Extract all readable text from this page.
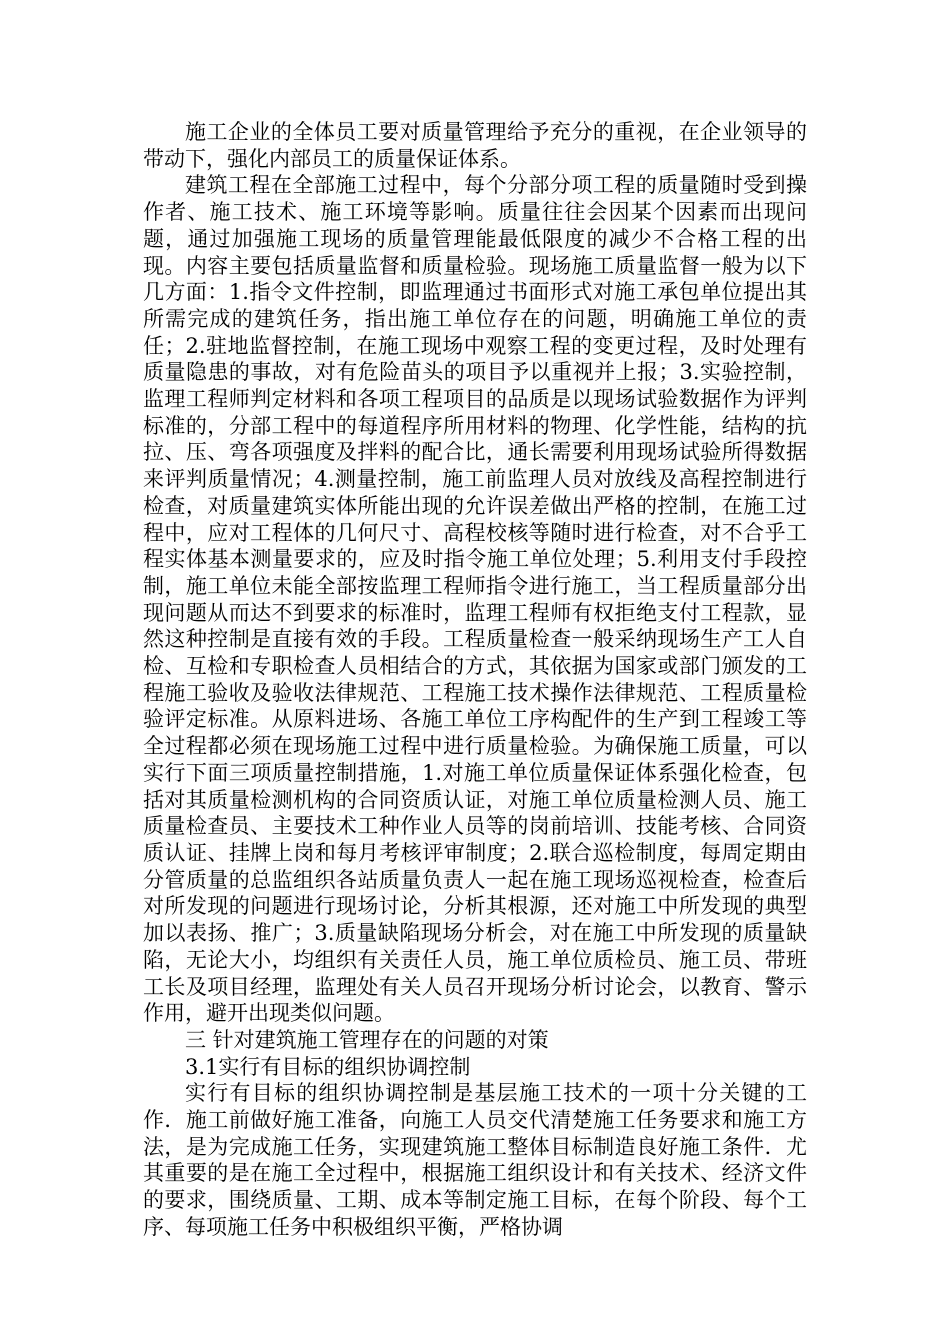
施工企业的全体员工要对质量管理给予充分的重视，在企业领导的带动下，强化内部员工的质量保证体系。

建筑工程在全部施工过程中，每个分部分项工程的质量随时受到操作者、施工技术、施工环境等影响。质量往往会因某个因素而出现问题，通过加强施工现场的质量管理能最低限度的减少不合格工程的出现。内容主要包括质量监督和质量检验。现场施工质量监督一般为以下几方面：1.指令文件控制，即监理通过书面形式对施工承包单位提出其所需完成的建筑任务，指出施工单位存在的问题，明确施工单位的责任；2.驻地监督控制，在施工现场中观察工程的变更过程，及时处理有质量隐患的事故，对有危险苗头的项目予以重视并上报；3.实验控制，监理工程师判定材料和各项工程项目的品质是以现场试验数据作为评判标准的，分部工程中的每道程序所用材料的物理、化学性能，结构的抗拉、压、弯各项强度及拌料的配合比，通长需要利用现场试验所得数据来评判质量情况；4.测量控制，施工前监理人员对放线及高程控制进行检查，对质量建筑实体所能出现的允许误差做出严格的控制，在施工过程中，应对工程体的几何尺寸、高程校核等随时进行检查，对不合乎工程实体基本测量要求的，应及时指令施工单位处理；5.利用支付手段控制，施工单位未能全部按监理工程师指令进行施工，当工程质量部分出现问题从而达不到要求的标准时，监理工程师有权拒绝支付工程款，显然这种控制是直接有效的手段。工程质量检查一般采纳现场生产工人自检、互检和专职检查人员相结合的方式，其依据为国家或部门颁发的工程施工验收及验收法律规范、工程施工技术操作法律规范、工程质量检验评定标准。从原料进场、各施工单位工序构配件的生产到工程竣工等全过程都必须在现场施工过程中进行质量检验。为确保施工质量，可以实行下面三项质量控制措施，1.对施工单位质量保证体系强化检查，包括对其质量检测机构的合同资质认证，对施工单位质量检测人员、施工质量检查员、主要技术工种作业人员等的岗前培训、技能考核、合同资质认证、挂牌上岗和每月考核评审制度；2.联合巡检制度，每周定期由分管质量的总监组织各站质量负责人一起在施工现场巡视检查，检查后对所发现的问题进行现场讨论，分析其根源，还对施工中所发现的典型加以表扬、推广；3.质量缺陷现场分析会，对在施工中所发现的质量缺陷，无论大小，均组织有关责任人员，施工单位质检员、施工员、带班工长及项目经理，监理处有关人员召开现场分析讨论会，以教育、警示作用，避开出现类似问题。

三 针对建筑施工管理存在的问题的对策

3.1实行有目标的组织协调控制

实行有目标的组织协调控制是基层施工技术的一项十分关键的工作．施工前做好施工准备，向施工人员交代清楚施工任务要求和施工方法，是为完成施工任务，实现建筑施工整体目标制造良好施工条件．尤其重要的是在施工全过程中，根据施工组织设计和有关技术、经济文件的要求，围绕质量、工期、成本等制定施工目标，在每个阶段、每个工序、每项施工任务中积极组织平衡，严格协调
